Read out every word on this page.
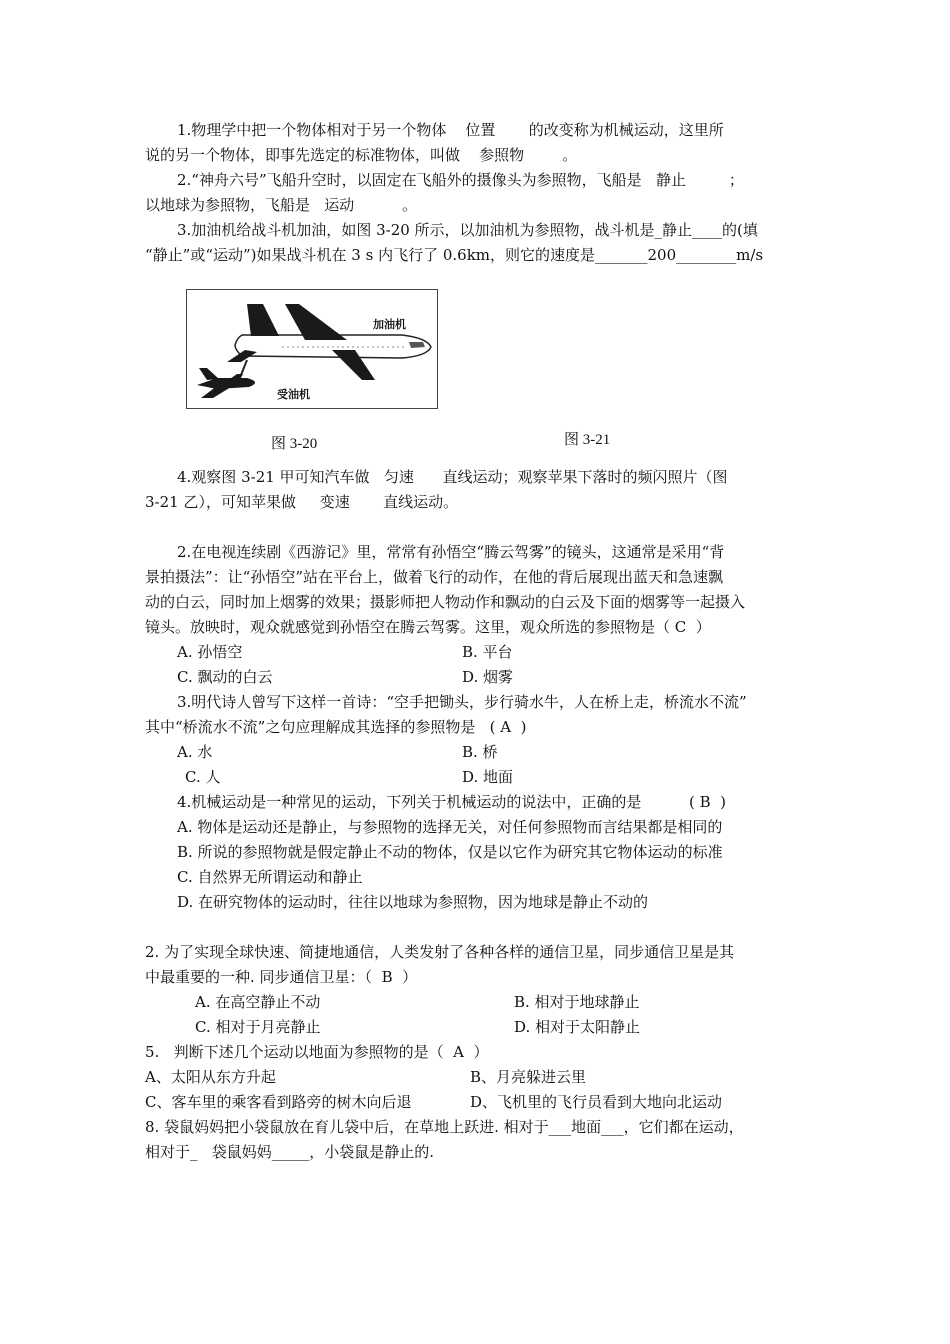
1.物理学中把一个物体相对于另一个物体    位置       的改变称为机械运动，这里所
说的另一个物体，即事先选定的标准物体，叫做    参照物        。
2.“神舟六号”飞船升空时，以固定在飞船外的摄像头为参照物，飞船是   静止         ；
以地球为参照物，飞船是   运动          。
3.加油机给战斗机加油，如图 3-20 所示，以加油机为参照物，战斗机是_静止____的(填
“静止”或“运动”)如果战斗机在 3 s 内飞行了 0.6km，则它的速度是_______200________m/s
4.观察图 3-21 甲可知汽车做   匀速      直线运动；观察苹果下落时的频闪照片（图
3-21 乙），可知苹果做     变速       直线运动。
2.在电视连续剧《西游记》里，常常有孙悟空“腾云驾雾”的镜头，这通常是采用“背
景拍摄法”：让“孙悟空”站在平台上，做着飞行的动作，在他的背后展现出蓝天和急速飘
动的白云，同时加上烟雾的效果；摄影师把人物动作和飘动的白云及下面的烟雾等一起摄入
镜头。放映时，观众就感觉到孙悟空在腾云驾雾。这里，观众所选的参照物是（ C  ）
A. 孙悟空	B. 平台
C. 飘动的白云	D. 烟雾
3.明代诗人曾写下这样一首诗：“空手把锄头，步行骑水牛，人在桥上走，桥流水不流”
其中“桥流水不流”之句应理解成其选择的参照物是   ( A  )
A. 水	B. 桥
C. 人	D. 地面
4.机械运动是一种常见的运动，下列关于机械运动的说法中，正确的是          ( B  )
A. 物体是运动还是静止，与参照物的选择无关，对任何参照物而言结果都是相同的
B. 所说的参照物就是假定静止不动的物体，仅是以它作为研究其它物体运动的标准
C. 自然界无所谓运动和静止
D. 在研究物体的运动时，往往以地球为参照物，因为地球是静止不动的
2. 为了实现全球快速、简捷地通信，人类发射了各种各样的通信卫星，同步通信卫星是其
中最重要的一种. 同步通信卫星：（  B  ）
A. 在高空静止不动	B. 相对于地球静止
C. 相对于月亮静止	D. 相对于太阳静止
5.   判断下述几个运动以地面为参照物的是（  A  ）
A、太阳从东方升起	B、月亮躲进云里
C、客车里的乘客看到路旁的树木向后退	D、飞机里的飞行员看到大地向北运动
8. 袋鼠妈妈把小袋鼠放在育儿袋中后，在草地上跃进. 相对于___地面___，它们都在运动，
相对于_   袋鼠妈妈_____，小袋鼠是静止的.
加油机
受油机
图 3-20	图 3-21
